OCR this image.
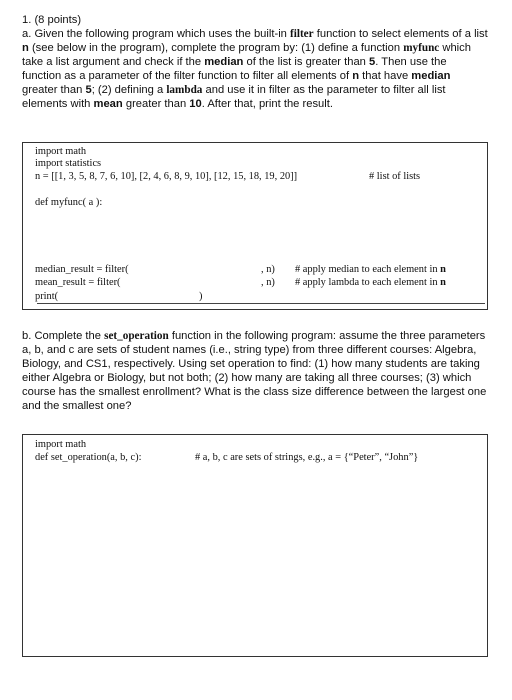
1. (8 points)

a. Given the following program which uses the built-in filter function to select elements of a list n (see below in the program), complete the program by: (1) define a function myfunc which take a list argument and check if the median of the list is greater than 5. Then use the function as a parameter of the filter function to filter all elements of n that have median greater than 5; (2) defining a lambda and use it in filter as the parameter to filter all list elements with mean greater than 10. After that, print the result.

import math
import statistics
n = [[1, 3, 5, 8, 7, 6, 10], [2, 4, 6, 8, 9, 10], [12, 15, 18, 19, 20]]	# list of lists
def myfunc( a ):
median_result = filter(	, n) # apply median to each element in n
mean_result = filter(	, n) # apply lambda to each element in n
print(	)

b. Complete the set_operation function in the following program: assume the three parameters a, b, and c are sets of student names (i.e., string type) from three different courses: Algebra, Biology, and CS1, respectively. Using set operation to find: (1) how many students are taking either Algebra or Biology, but not both; (2) how many are taking all three courses; (3) which course has the smallest enrollment? What is the class size difference between the largest one and the smallest one?

import math
def set_operation(a, b, c):	# a, b, c are sets of strings, e.g., a = {“Peter”, “John”}
